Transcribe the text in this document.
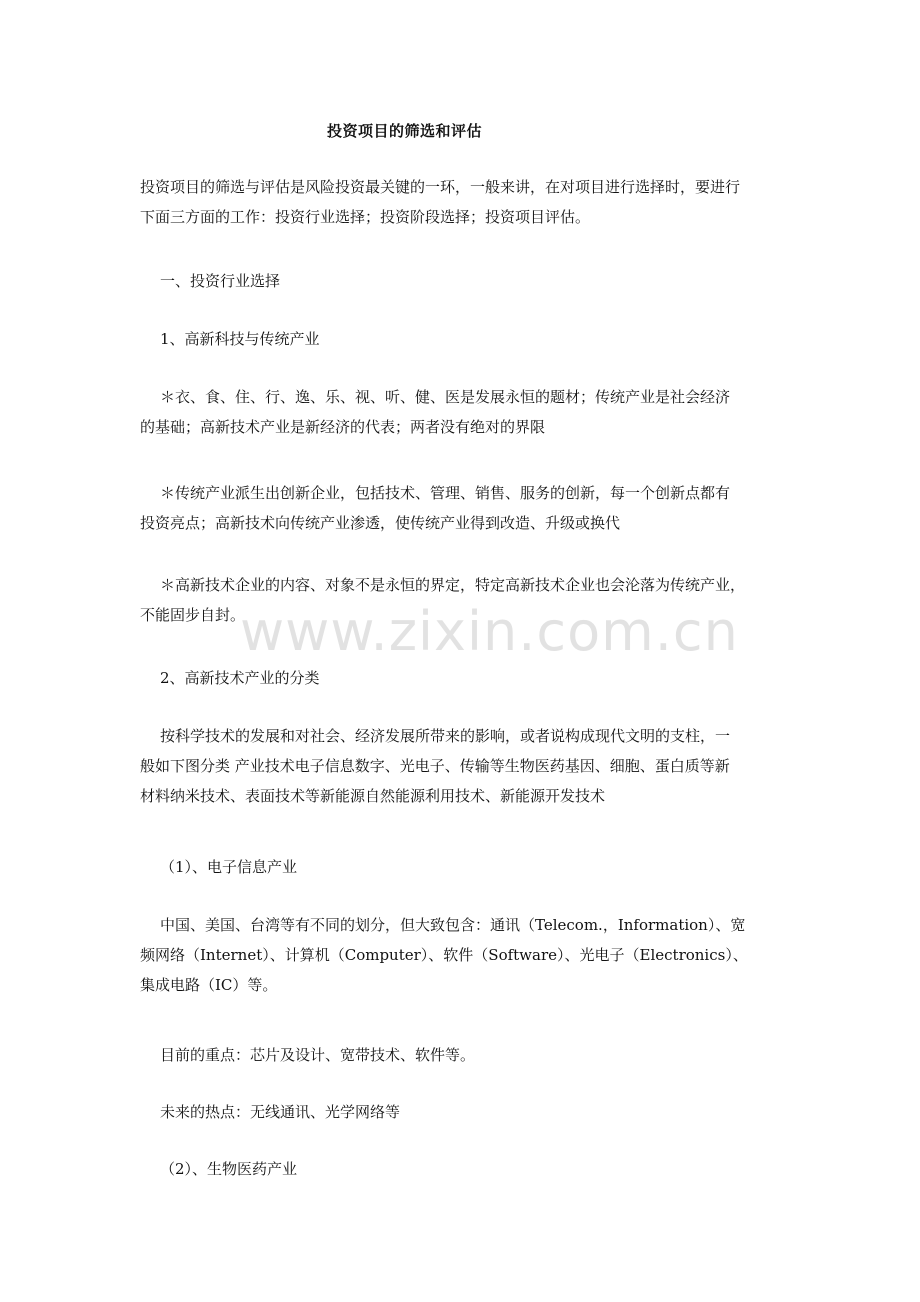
投资项目的筛选和评估

投资项目的筛选与评估是风险投资最关键的一环，一般来讲，在对项目进行选择时，要进行
下面三方面的工作：投资行业选择；投资阶段选择；投资项目评估。

一、投资行业选择

1、高新科技与传统产业

＊衣、食、住、行、逸、乐、视、听、健、医是发展永恒的题材；传统产业是社会经济
的基础；高新技术产业是新经济的代表；两者没有绝对的界限

＊传统产业派生出创新企业，包括技术、管理、销售、服务的创新，每一个创新点都有
投资亮点；高新技术向传统产业渗透，使传统产业得到改造、升级或换代

＊高新技术企业的内容、对象不是永恒的界定，特定高新技术企业也会沦落为传统产业，
不能固步自封。

2、高新技术产业的分类

按科学技术的发展和对社会、经济发展所带来的影响，或者说构成现代文明的支柱，一
般如下图分类 产业技术电子信息数字、光电子、传输等生物医药基因、细胞、蛋白质等新
材料纳米技术、表面技术等新能源自然能源利用技术、新能源开发技术

（1）、电子信息产业

中国、美国、台湾等有不同的划分，但大致包含：通讯（Telecom.，Information）、宽
频网络（Internet）、计算机（Computer）、软件（Software）、光电子（Electronics）、
集成电路（IC）等。

目前的重点：芯片及设计、宽带技术、软件等。

未来的热点：无线通讯、光学网络等

（2）、生物医药产业

www.zixin.com.cn
